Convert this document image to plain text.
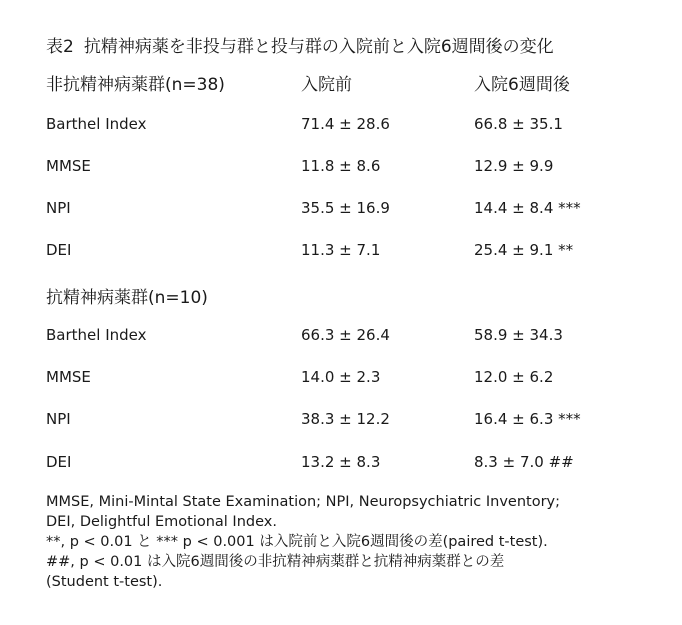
表2 抗精神病薬を非投与群と投与群の入院前と入院6週間後の変化
非抗精神病薬群(n=38)	入院前	入院6週間後
Barthel Index	71.4 ± 28.6	66.8 ± 35.1
MMSE	11.8 ± 8.6	12.9 ± 9.9
NPI	35.5 ± 16.9	14.4 ± 8.4 ***
DEI	11.3 ± 7.1	25.4 ± 9.1 **
抗精神病薬群(n=10)
Barthel Index	66.3 ± 26.4	58.9 ± 34.3
MMSE	14.0 ± 2.3	12.0 ± 6.2
NPI	38.3 ± 12.2	16.4 ± 6.3 ***
DEI	13.2 ± 8.3	8.3 ± 7.0 ##
MMSE, Mini-Mintal State Examination; NPI, Neuropsychiatric Inventory;
DEI, Delightful Emotional Index.
**, p < 0.01 と *** p < 0.001 は入院前と入院6週間後の差(paired t-test).
##, p < 0.01 は入院6週間後の非抗精神病薬群と抗精神病薬群との差
(Student t-test).
